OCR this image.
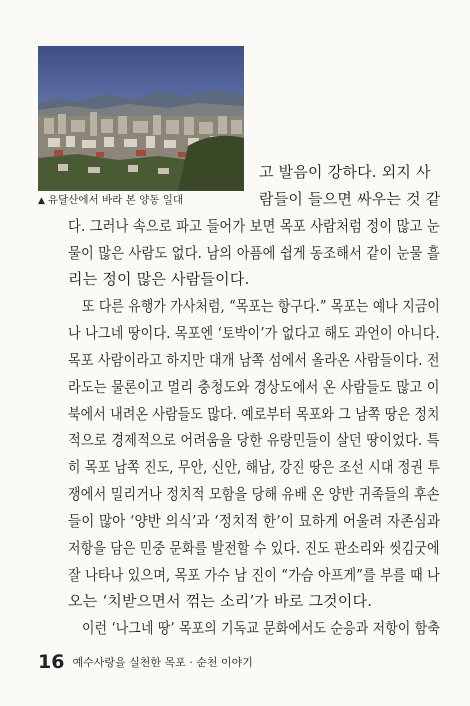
▲ 유달산에서 바라 본 양동 일대
고 발음이 강하다. 외지 사
람들이 들으면 싸우는 것 같
다. 그러나 속으로 파고 들어가 보면 목포 사람처럼 정이 많고 눈
물이 많은 사람도 없다. 남의 아픔에 쉽게 동조해서 같이 눈물 흘
리는 정이 많은 사람들이다.
또 다른 유행가 가사처럼, “목포는 항구다.” 목포는 예나 지금이
나 나그네 땅이다. 목포엔 ‘토박이’가 없다고 해도 과언이 아니다.
목포 사람이라고 하지만 대개 남쪽 섬에서 올라온 사람들이다. 전
라도는 물론이고 멀리 충청도와 경상도에서 온 사람들도 많고 이
북에서 내려온 사람들도 많다. 예로부터 목포와 그 남쪽 땅은 정치
적으로 경제적으로 어려움을 당한 유랑민들이 살던 땅이었다. 특
히 목포 남쪽 진도, 무안, 신안, 해남, 강진 땅은 조선 시대 정권 투
쟁에서 밀리거나 정치적 모함을 당해 유배 온 양반 귀족들의 후손
들이 많아 ‘양반 의식’과 ‘정치적 한’이 묘하게 어울려 자존심과
저항을 담은 민중 문화를 발전할 수 있다. 진도 판소리와 씻김굿에
잘 나타나 있으며, 목포 가수 남 진이 “가슴 아프게”를 부를 때 나
오는 ‘치받으면서 꺾는 소리’가 바로 그것이다.
이런 ‘나그네 땅’ 목포의 기독교 문화에서도 순응과 저항이 함축
16 예수사랑을 실천한 목포 · 순천 이야기
